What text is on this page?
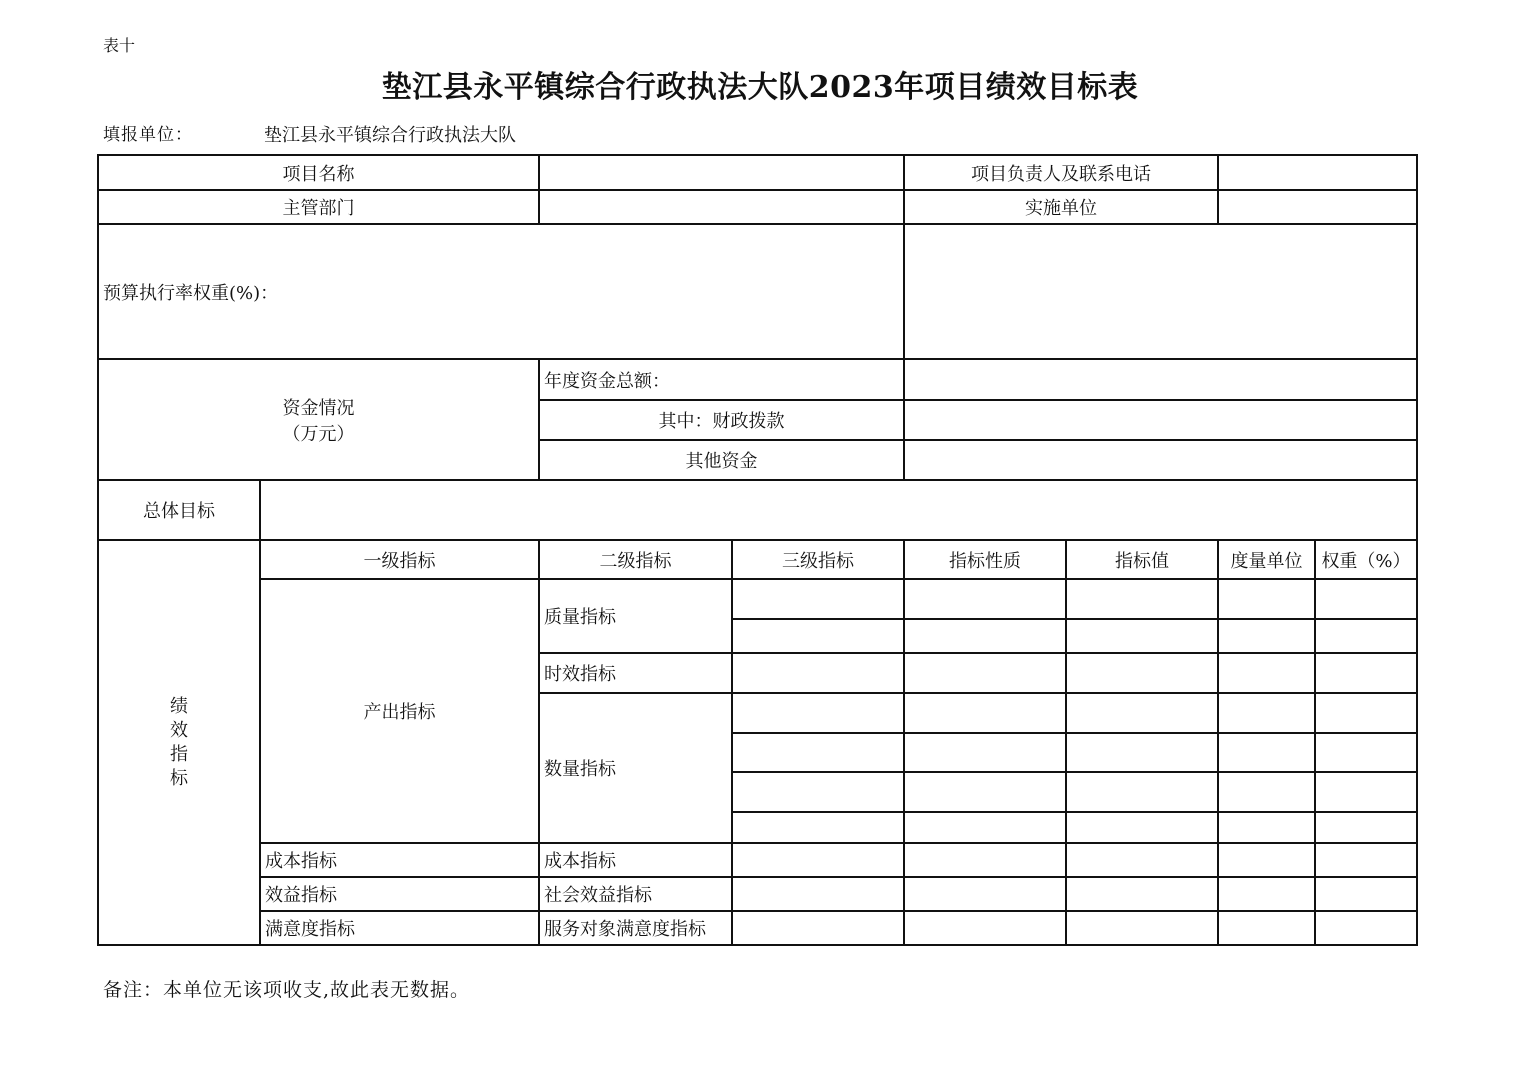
表十
垫江县永平镇综合行政执法大队2023年项目绩效目标表
填报单位：	垫江县永平镇综合行政执法大队
项目名称				项目负责人及联系电话			
主管部门				实施单位			
预算执行率权重(%)：							

资金情况
（万元）		年度资金总额：					
		其中：财政拨款					
		其他资金					
总体目标							

绩
效
指
标	一级指标	二级指标	三级指标	指标性质	指标值	度量单位	权重（%）
	产出指标	质量指标					

		时效指标					
		数量指标					

	成本指标	成本指标					
	效益指标	社会效益指标					
	满意度指标	服务对象满意度指标					
备注：本单位无该项收支,故此表无数据。
